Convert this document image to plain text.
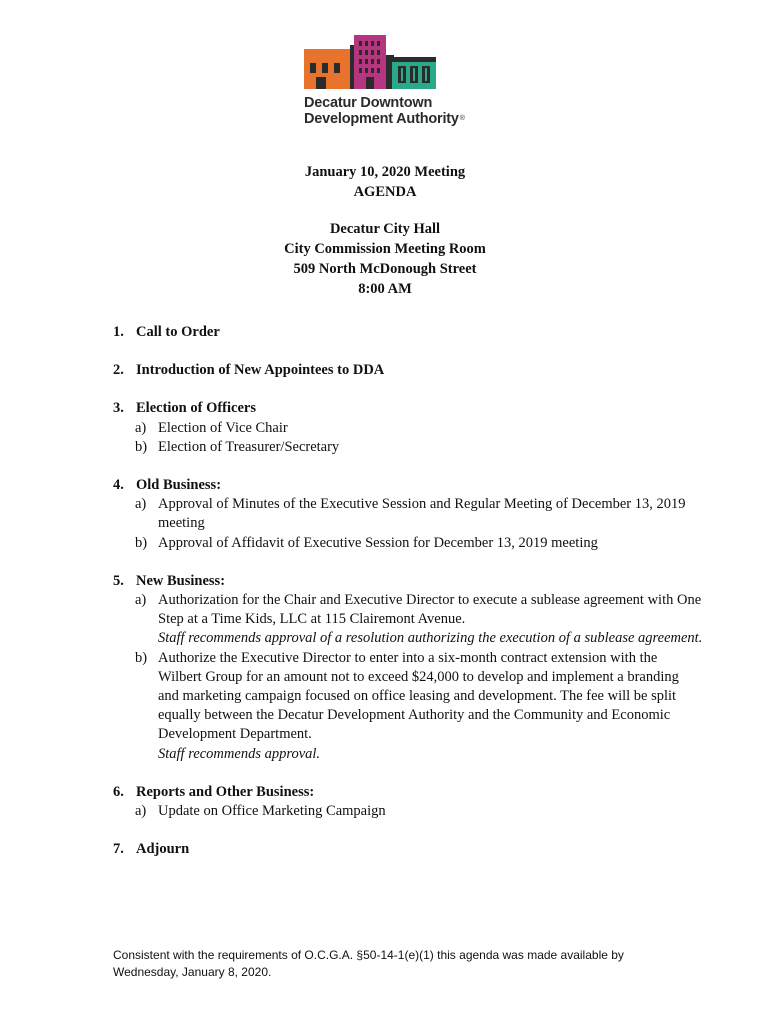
Decatur Downtown
Development Authority®
January 10, 2020 Meeting
AGENDA
Decatur City Hall
City Commission Meeting Room
509 North McDonough Street
8:00 AM
1. Call to Order
2. Introduction of New Appointees to DDA
3. Election of Officers
a) Election of Vice Chair
b) Election of Treasurer/Secretary
4. Old Business:
a) Approval of Minutes of the Executive Session and Regular Meeting of December 13, 2019 meeting
b) Approval of Affidavit of Executive Session for December 13, 2019 meeting
5. New Business:
a) Authorization for the Chair and Executive Director to execute a sublease agreement with One Step at a Time Kids, LLC at 115 Clairemont Avenue.
Staff recommends approval of a resolution authorizing the execution of a sublease agreement.
b) Authorize the Executive Director to enter into a six-month contract extension with the Wilbert Group for an amount not to exceed $24,000 to develop and implement a branding and marketing campaign focused on office leasing and development. The fee will be split equally between the Decatur Development Authority and the Community and Economic Development Department.
Staff recommends approval.
6. Reports and Other Business:
a) Update on Office Marketing Campaign
7. Adjourn
Consistent with the requirements of O.C.G.A. §50-14-1(e)(1) this agenda was made available by Wednesday, January 8, 2020.
